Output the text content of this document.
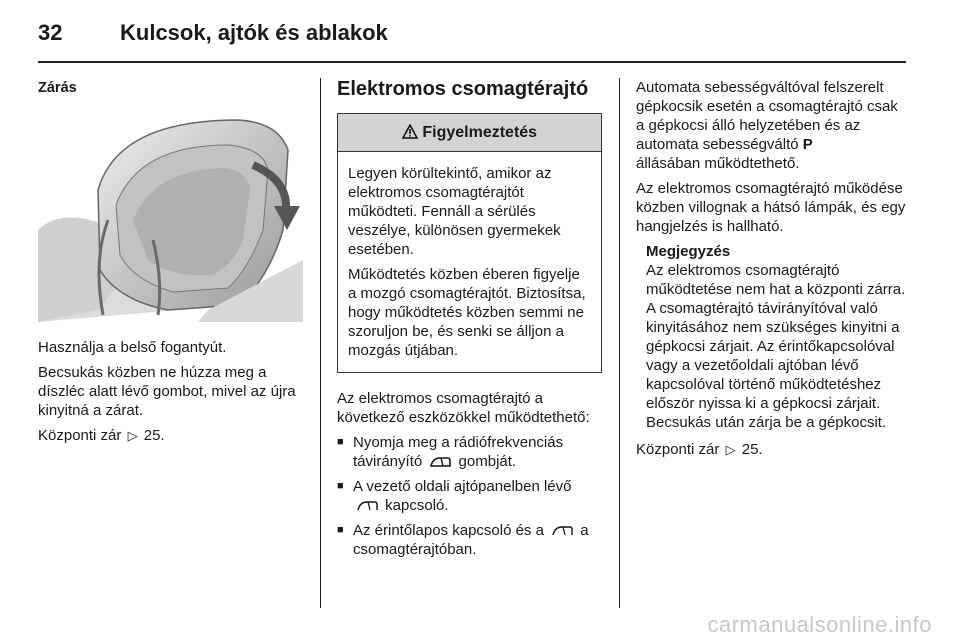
32	Kulcsok, ajtók és ablakok
Zárás

Használja a belső fogantyút.

Becsukás közben ne húzza meg a díszléc alatt lévő gombot, mivel az újra kinyitná a zárat.

Központi zár ▷ 25.

Elektromos csomagtérajtó
Figyelmeztetés

Legyen körültekintő, amikor az elektromos csomagtérajtót működteti. Fennáll a sérülés veszélye, különösen gyermekek esetében.

Működtetés közben éberen figyelje a mozgó csomagtérajtót. Biztosítsa, hogy működtetés közben semmi ne szoruljon be, és senki se álljon a mozgás útjában.

Az elektromos csomagtérajtó a következő eszközökkel működtethető:

■ Nyomja meg a rádiófrekvenciás távirányító gombját.
■ A vezető oldali ajtópanelben lévő
kapcsoló.
■ Az érintőlapos kapcsoló és a a csomagtérajtóban.

Automata sebességváltóval felszerelt gépkocsik esetén a csomagtérajtó csak a gépkocsi álló helyzetében és az automata sebességváltó P
állásában működtethető.

Az elektromos csomagtérajtó működése közben villognak a hátsó lámpák, és egy hangjelzés is hallható.

Megjegyzés

Az elektromos csomagtérajtó működtetése nem hat a központi zárra. A csomagtérajtó távirányítóval való kinyitásához nem szükséges kinyitni a gépkocsi zárjait. Az érintőkapcsolóval vagy a vezetőoldali ajtóban lévő kapcsolóval történő működtetéshez először nyissa ki a gépkocsi zárjait. Becsukás után zárja be a gépkocsit.

Központi zár ▷ 25.

carmanualsonline.info
